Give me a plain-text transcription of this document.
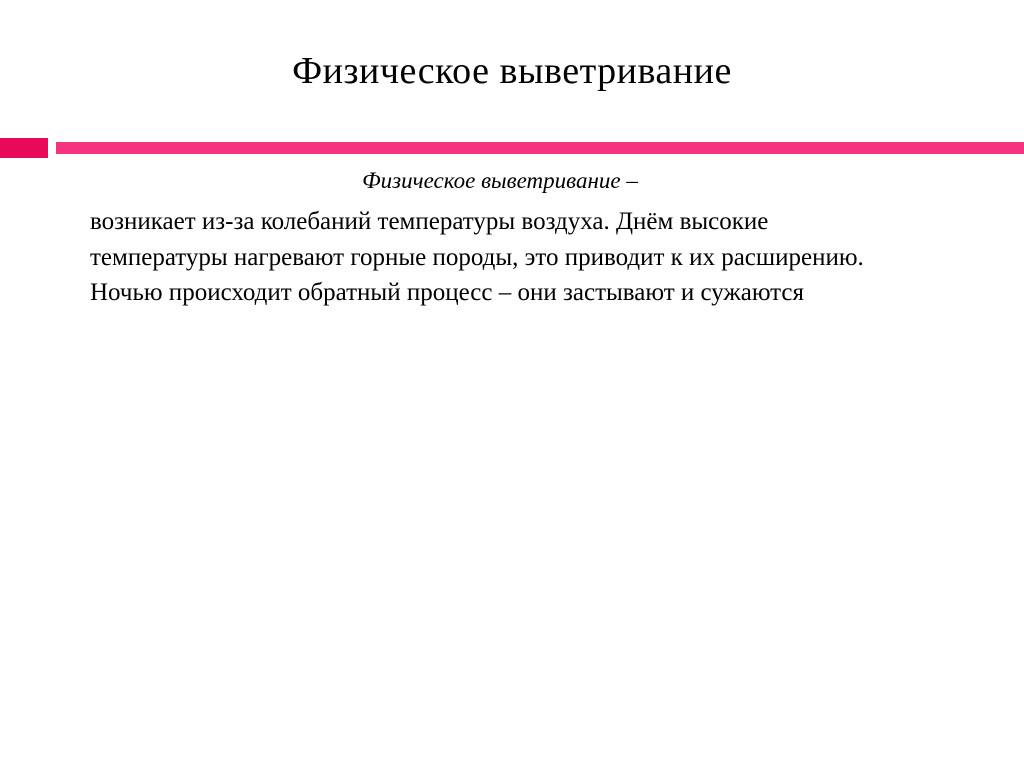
Физическое выветривание

Физическое выветривание –

возникает из-за колебаний температуры воздуха. Днём высокие температуры нагревают горные породы, это приводит к их расширению. Ночью происходит обратный процесс – они застывают и сужаются
